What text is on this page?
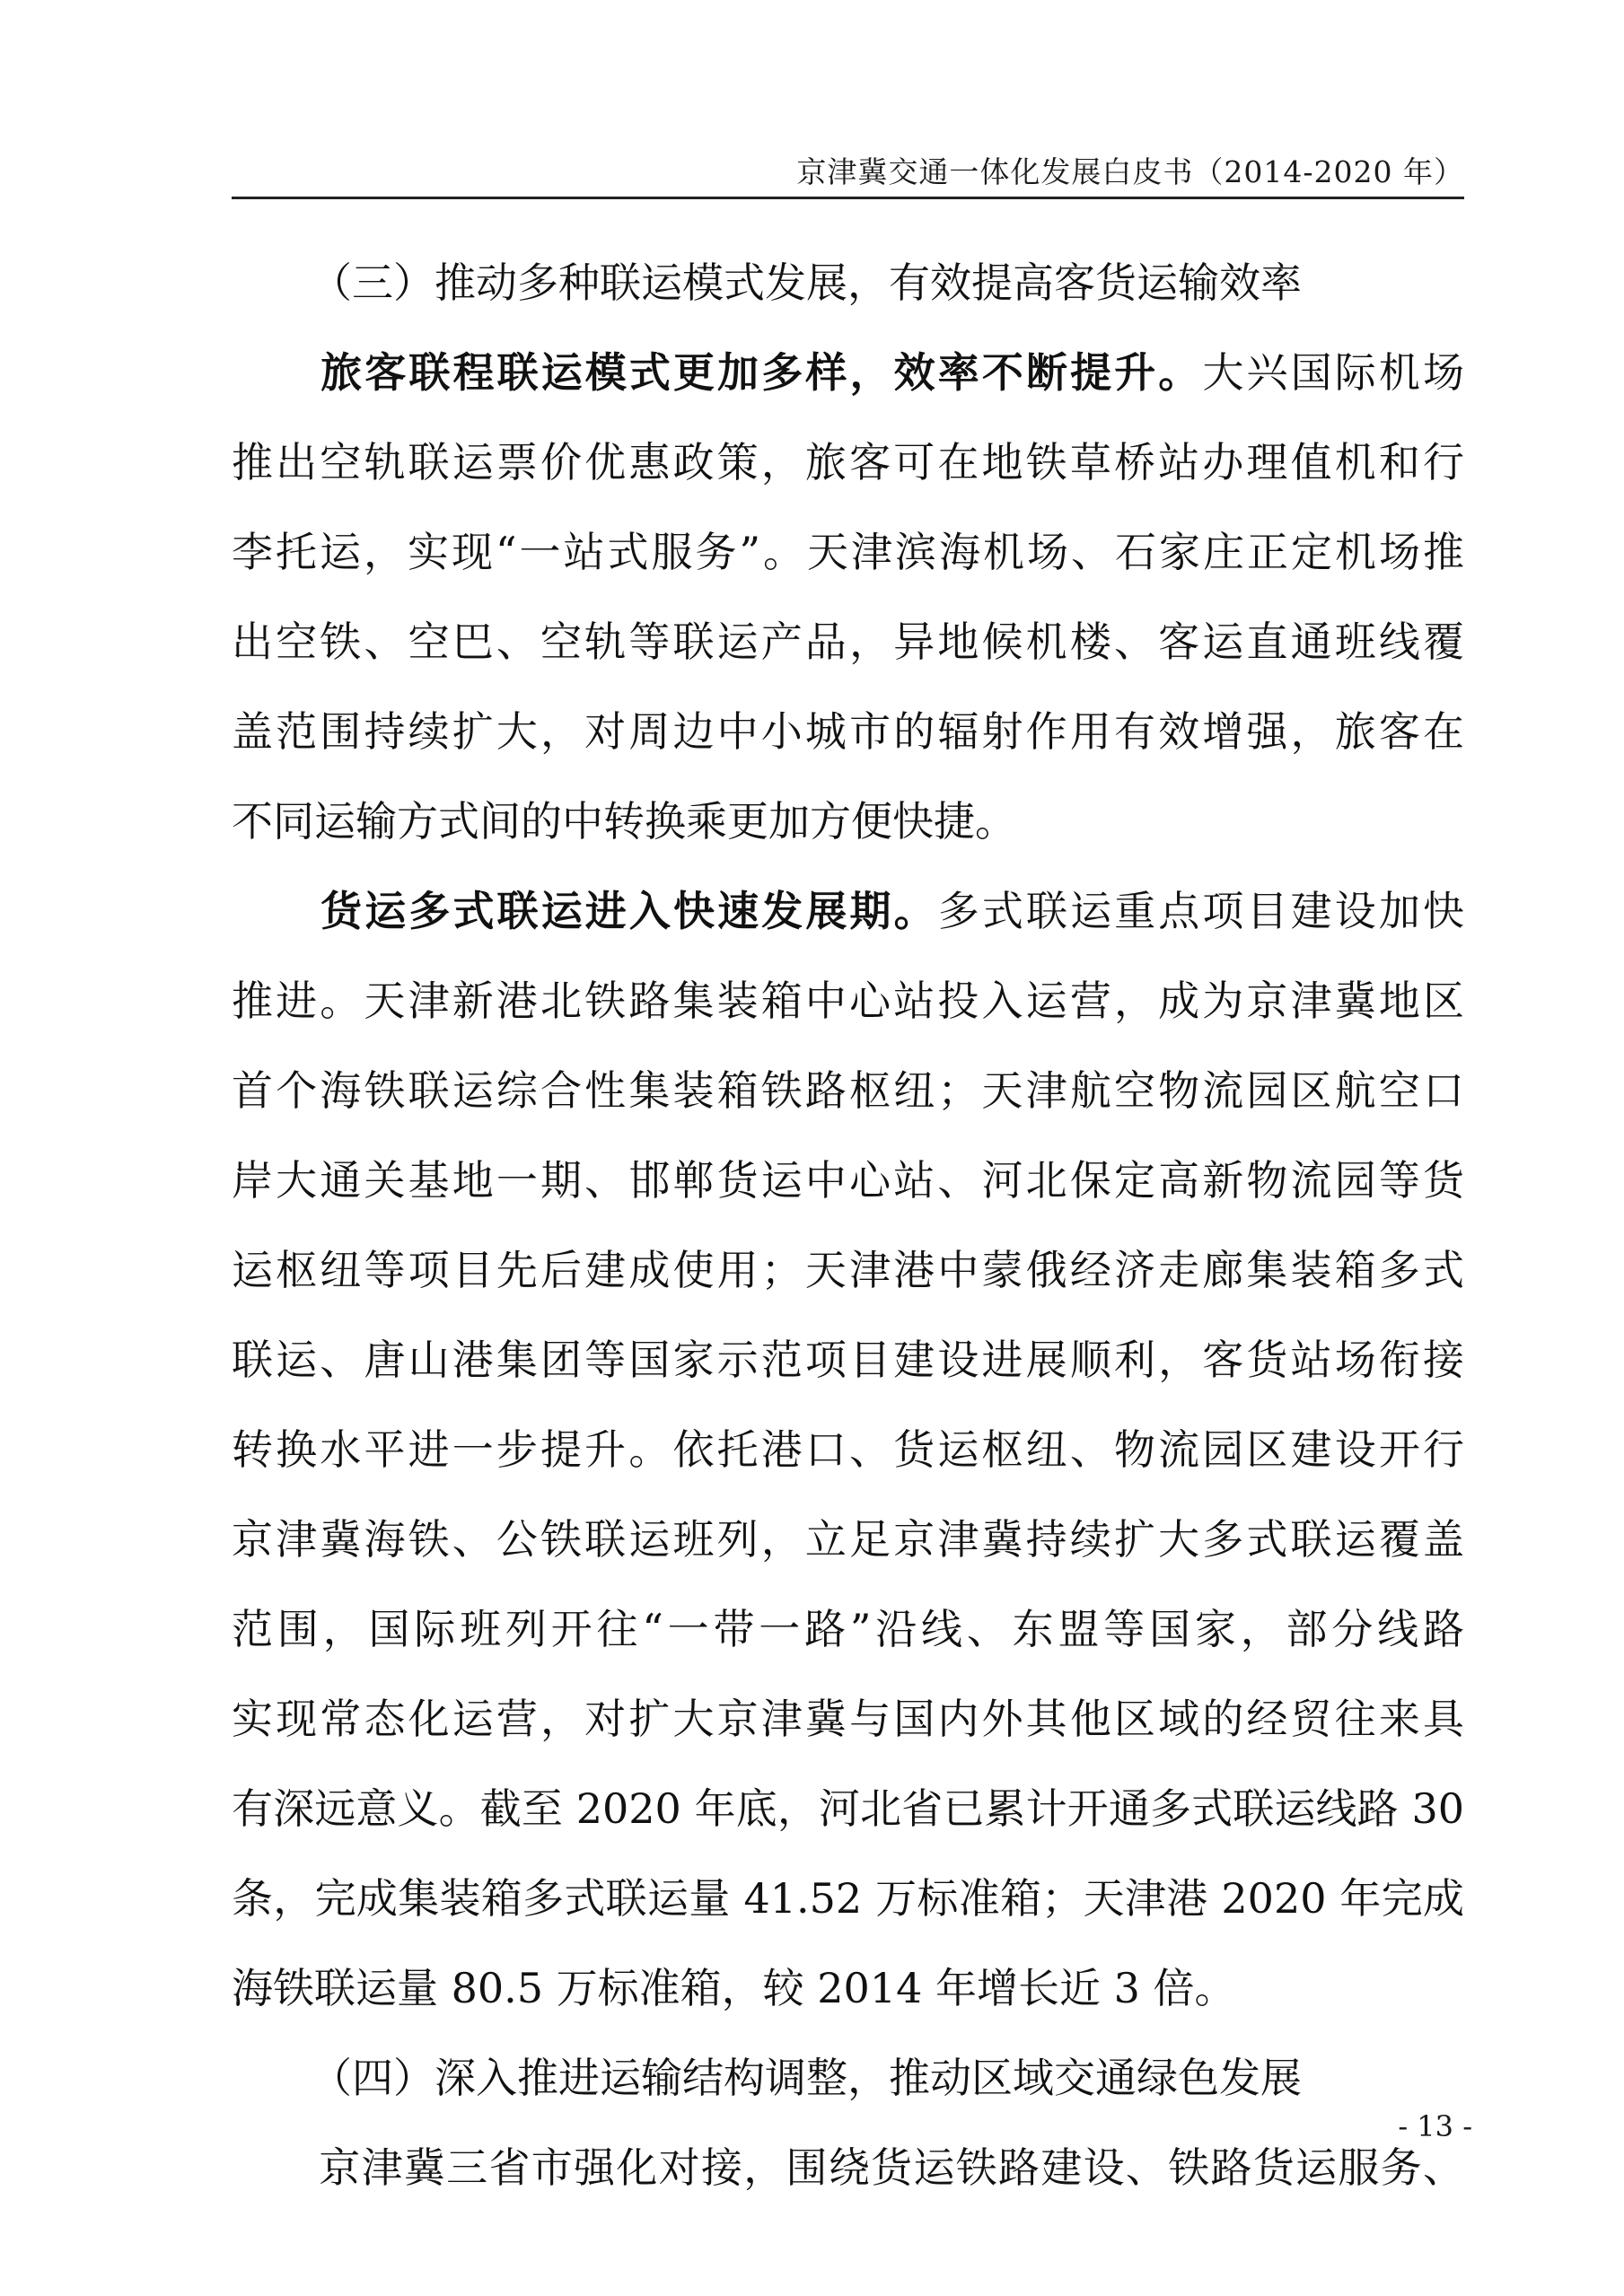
京津冀交通一体化发展白皮书（2014-2020 年）
（三）推动多种联运模式发展，有效提高客货运输效率
旅客联程联运模式更加多样，效率不断提升。大兴国际机场
推出空轨联运票价优惠政策，旅客可在地铁草桥站办理值机和行
李托运，实现“一站式服务”。天津滨海机场、石家庄正定机场推
出空铁、空巴、空轨等联运产品，异地候机楼、客运直通班线覆
盖范围持续扩大，对周边中小城市的辐射作用有效增强，旅客在
不同运输方式间的中转换乘更加方便快捷。
货运多式联运进入快速发展期。多式联运重点项目建设加快
推进。天津新港北铁路集装箱中心站投入运营，成为京津冀地区
首个海铁联运综合性集装箱铁路枢纽；天津航空物流园区航空口
岸大通关基地一期、邯郸货运中心站、河北保定高新物流园等货
运枢纽等项目先后建成使用；天津港中蒙俄经济走廊集装箱多式
联运、唐山港集团等国家示范项目建设进展顺利，客货站场衔接
转换水平进一步提升。依托港口、货运枢纽、物流园区建设开行
京津冀海铁、公铁联运班列，立足京津冀持续扩大多式联运覆盖
范围，国际班列开往“一带一路”沿线、东盟等国家，部分线路
实现常态化运营，对扩大京津冀与国内外其他区域的经贸往来具
有深远意义。截至 2020 年底，河北省已累计开通多式联运线路 30
条，完成集装箱多式联运量 41.52 万标准箱；天津港 2020 年完成
海铁联运量 80.5 万标准箱，较 2014 年增长近 3 倍。
（四）深入推进运输结构调整，推动区域交通绿色发展
京津冀三省市强化对接，围绕货运铁路建设、铁路货运服务、
- 13 -
